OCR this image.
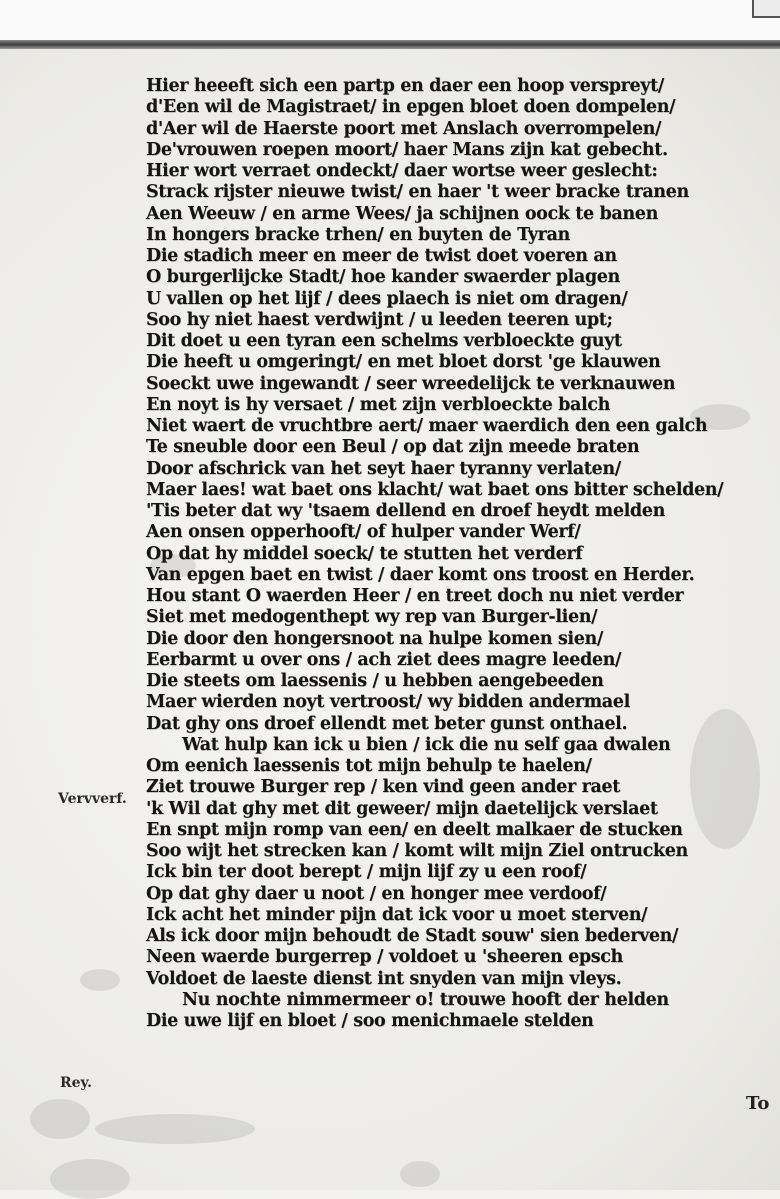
Hier heeeft sich een partp en daer een hoop verspreyt/
d'Een wil de Magistraet/ in epgen bloet doen dompelen/
d'Aer wil de Haerste poort met Anslach overrompelen/
De'vrouwen roepen moort/ haer Mans zijn kat gebecht.
Hier wort verraet ondeckt/ daer wortse weer geslecht:
Strack rijster nieuwe twist/ en haer 't weer bracke tranen
Aen Weeuw / en arme Wees/ ja schijnen oock te banen
In hongers bracke trhen/ en buyten de Tyran
Die stadich meer en meer de twist doet voeren an
O burgerlijcke Stadt/ hoe kander swaerder plagen
U vallen op het lijf / dees plaech is niet om dragen/
Soo hy niet haest verdwijnt / u leeden teeren upt;
Dit doet u een tyran een schelms verbloeckte guyt
Die heeft u omgeringt/ en met bloet dorst 'ge klauwen
Soeckt uwe ingewandt / seer wreedelijck te verknauwen
En noyt is hy versaet / met zijn verbloeckte balch
Niet waert de vruchtbre aert/ maer waerdich den een galch
Te sneuble door een Beul / op dat zijn meede braten
Door afschrick van het seyt haer tyranny verlaten/
Maer laes! wat baet ons klacht/ wat baet ons bitter schelden/
'Tis beter dat wy 'tsaem dellend en droef heydt melden
Aen onsen opperhooft/ of hulper vander Werf/
Op dat hy middel soeck/ te stutten het verderf
Van epgen baet en twist / daer komt ons troost en Herder.
Hou stant O waerden Heer / en treet doch nu niet verder
Siet met medogenthept wy rep van Burger-lien/
Die door den hongersnoot na hulpe komen sien/
Eerbarmt u over ons / ach ziet dees magre leeden/
Die steets om laessenis / u hebben aengebeeden
Maer wierden noyt vertroost/ wy bidden andermael
Dat ghy ons droef ellendt met beter gunst onthael.
Wat hulp kan ick u bien / ick die nu self gaa dwalen
Om eenich laessenis tot mijn behulp te haelen/
Ziet trouwe Burger rep / ken vind geen ander raet
'k Wil dat ghy met dit geweer/ mijn daetelijck verslaet
En snpt mijn romp van een/ en deelt malkaer de stucken
Soo wijt het strecken kan / komt wilt mijn Ziel ontrucken
Ick bin ter doot berept / mijn lijf zy u een roof/
Op dat ghy daer u noot / en honger mee verdoof/
Ick acht het minder pijn dat ick voor u moet sterven/
Als ick door mijn behoudt de Stadt souw' sien bederven/
Neen waerde burgerrep / voldoet u 'sheeren epsch
Voldoet de laeste dienst int snyden van mijn vleys.
Nu nochte nimmermeer o! trouwe hooft der helden
Die uwe lijf en bloet / soo menichmaele stelden
Vervverf.
Rey.
To
